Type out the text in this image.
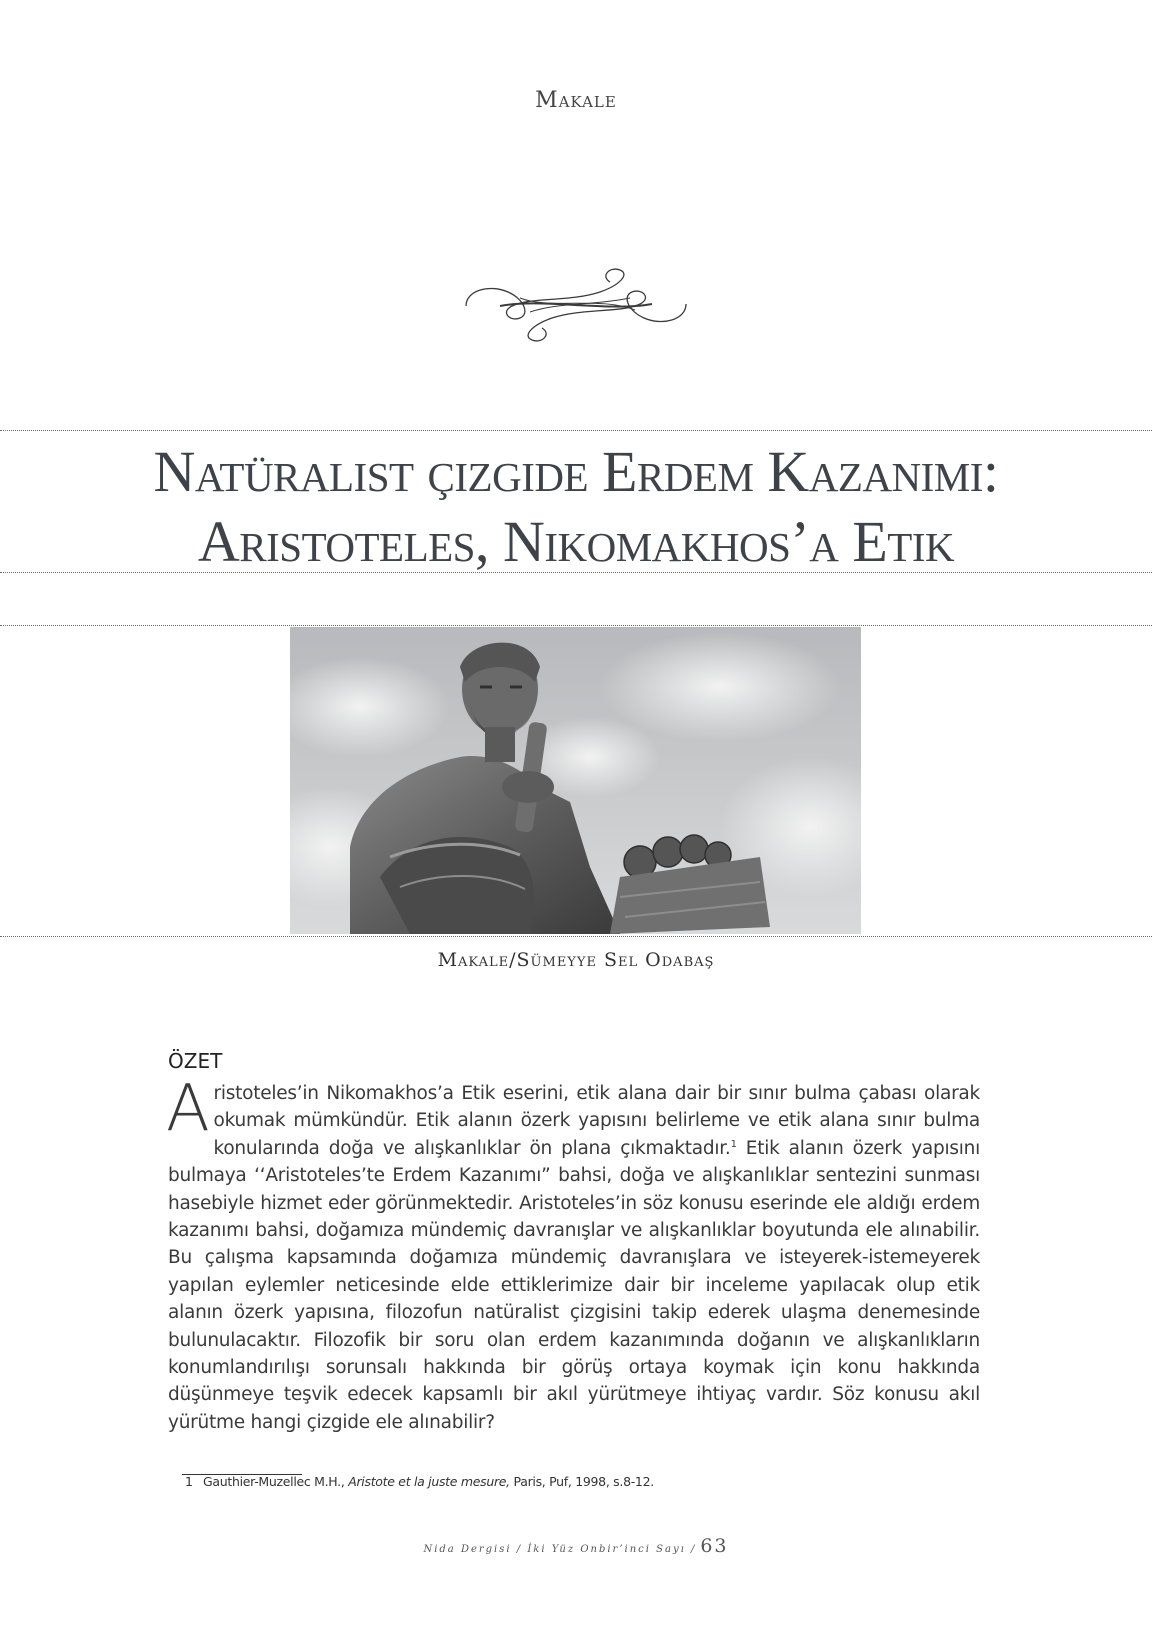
Makale
Natüralist çizgide Erdem Kazanımı:
Aristoteles, Nikomakhos’a Etik
Makale/Sümeyye Sel Odabaş
ÖZET

Aristoteles’in Nikomakhos’a Etik eserini, etik alana dair bir sınır bulma çabası olarak okumak mümkündür. Etik alanın özerk yapısını belirleme ve etik alana sınır bulma konularında doğa ve alışkanlıklar ön plana çıkmaktadır.$^1$ Etik alanın özerk yapısını bulmaya ‘‘Aristoteles’te Erdem Kazanımı” bahsi, doğa ve alışkanlıklar sentezini sunması hasebiyle hizmet eder görünmektedir. Aristoteles’in söz konusu eserinde ele aldığı erdem kazanımı bahsi, doğamıza mündemiç davranışlar ve alışkanlıklar boyutunda ele alınabilir. Bu çalışma kapsamında doğamıza mündemiç davranışlara ve isteyerek-istemeyerek yapılan eylemler neticesinde elde ettiklerimize dair bir inceleme yapılacak olup etik alanın özerk yapısına, filozofun natüralist çizgisini takip ederek ulaşma denemesinde bulunulacaktır. Filozofik bir soru olan erdem kazanımında doğanın ve alışkanlıkların konumlandırılışı sorunsalı hakkında bir görüş ortaya koymak için konu hakkında düşünmeye teşvik edecek kapsamlı bir akıl yürütmeye ihtiyaç vardır. Söz konusu akıl yürütme hangi çizgide ele alınabilir?

1 Gauthier-Muzellec M.H., Aristote et la juste mesure, Paris, Puf, 1998, s.8-12.
Nida Dergisi / İki Yüz Onbir’inci Sayı / 63
